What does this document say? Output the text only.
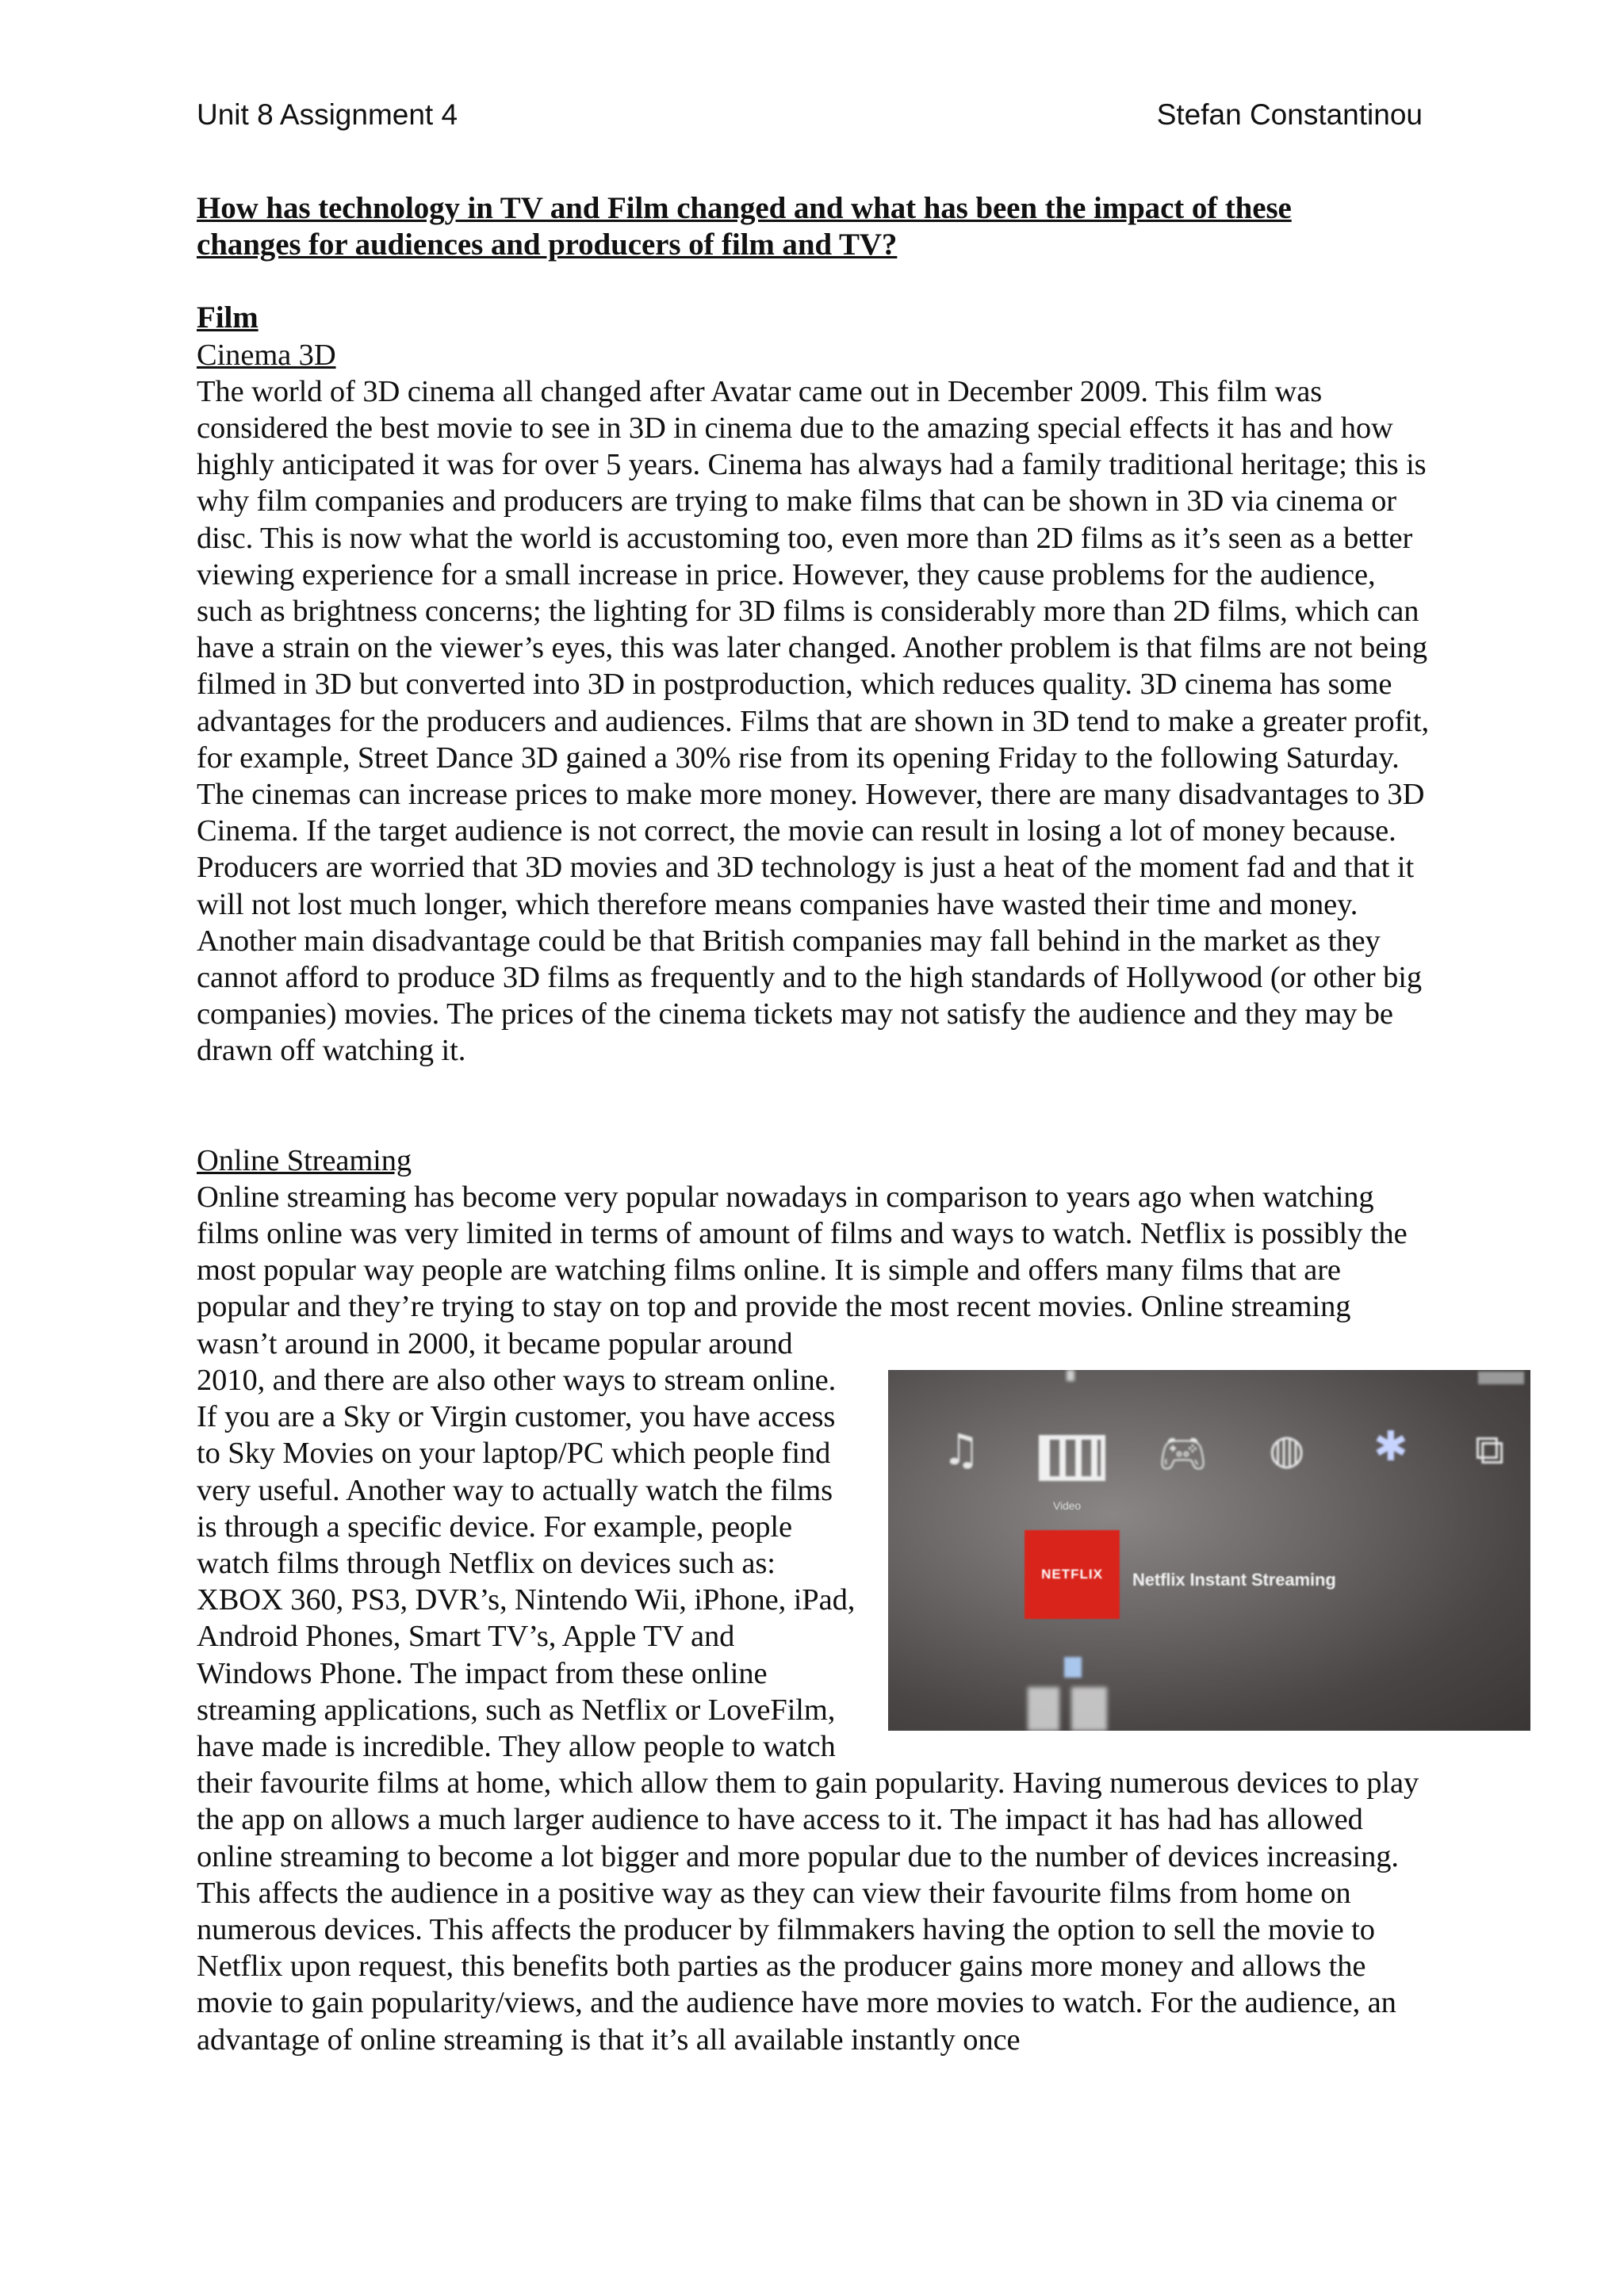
Unit 8 Assignment 4	Stefan Constantinou
How has technology in TV and Film changed and what has been the impact of these changes for audiences and producers of film and TV?
Film
Cinema 3D

The world of 3D cinema all changed after Avatar came out in December 2009. This film was considered the best movie to see in 3D in cinema due to the amazing special effects it has and how highly anticipated it was for over 5 years. Cinema has always had a family traditional heritage; this is why film companies and producers are trying to make films that can be shown in 3D via cinema or disc. This is now what the world is accustoming too, even more than 2D films as it’s seen as a better viewing experience for a small increase in price. However, they cause problems for the audience, such as brightness concerns; the lighting for 3D films is considerably more than 2D films, which can have a strain on the viewer’s eyes, this was later changed. Another problem is that films are not being filmed in 3D but converted into 3D in postproduction, which reduces quality. 3D cinema has some advantages for the producers and audiences. Films that are shown in 3D tend to make a greater profit, for example, Street Dance 3D gained a 30% rise from its opening Friday to the following Saturday. The cinemas can increase prices to make more money. However, there are many disadvantages to 3D Cinema. If the target audience is not correct, the movie can result in losing a lot of money because. Producers are worried that 3D movies and 3D technology is just a heat of the moment fad and that it will not lost much longer, which therefore means companies have wasted their time and money. Another main disadvantage could be that British companies may fall behind in the market as they cannot afford to produce 3D films as frequently and to the high standards of Hollywood (or other big companies) movies. The prices of the cinema tickets may not satisfy the audience and they may be drawn off watching it.

Online Streaming
♫
Video
🎮︎ ◍ ✱ ⧉
NETFLIX	Netflix Instant Streaming

Online streaming has become very popular nowadays in comparison to years ago when watching films online was very limited in terms of amount of films and ways to watch. Netflix is possibly the most popular way people are watching films online. It is simple and offers many films that are popular and they’re trying to stay on top and provide the most recent movies. Online streaming wasn’t around in 2000, it became popular around 2010, and there are also other ways to stream online. If you are a Sky or Virgin customer, you have access to Sky Movies on your laptop/PC which people find very useful. Another way to actually watch the films is through a specific device. For example, people watch films through Netflix on devices such as: XBOX 360, PS3, DVR’s, Nintendo Wii, iPhone, iPad, Android Phones, Smart TV’s, Apple TV and Windows Phone. The impact from these online streaming applications, such as Netflix or LoveFilm, have made is incredible. They allow people to watch their favourite films at home, which allow them to gain popularity. Having numerous devices to play the app on allows a much larger audience to have access to it. The impact it has had has allowed online streaming to become a lot bigger and more popular due to the number of devices increasing. This affects the audience in a positive way as they can view their favourite films from home on numerous devices. This affects the producer by filmmakers having the option to sell the movie to Netflix upon request, this benefits both parties as the producer gains more money and allows the movie to gain popularity/views, and the audience have more movies to watch. For the audience, an advantage of online streaming is that it’s all available instantly once
